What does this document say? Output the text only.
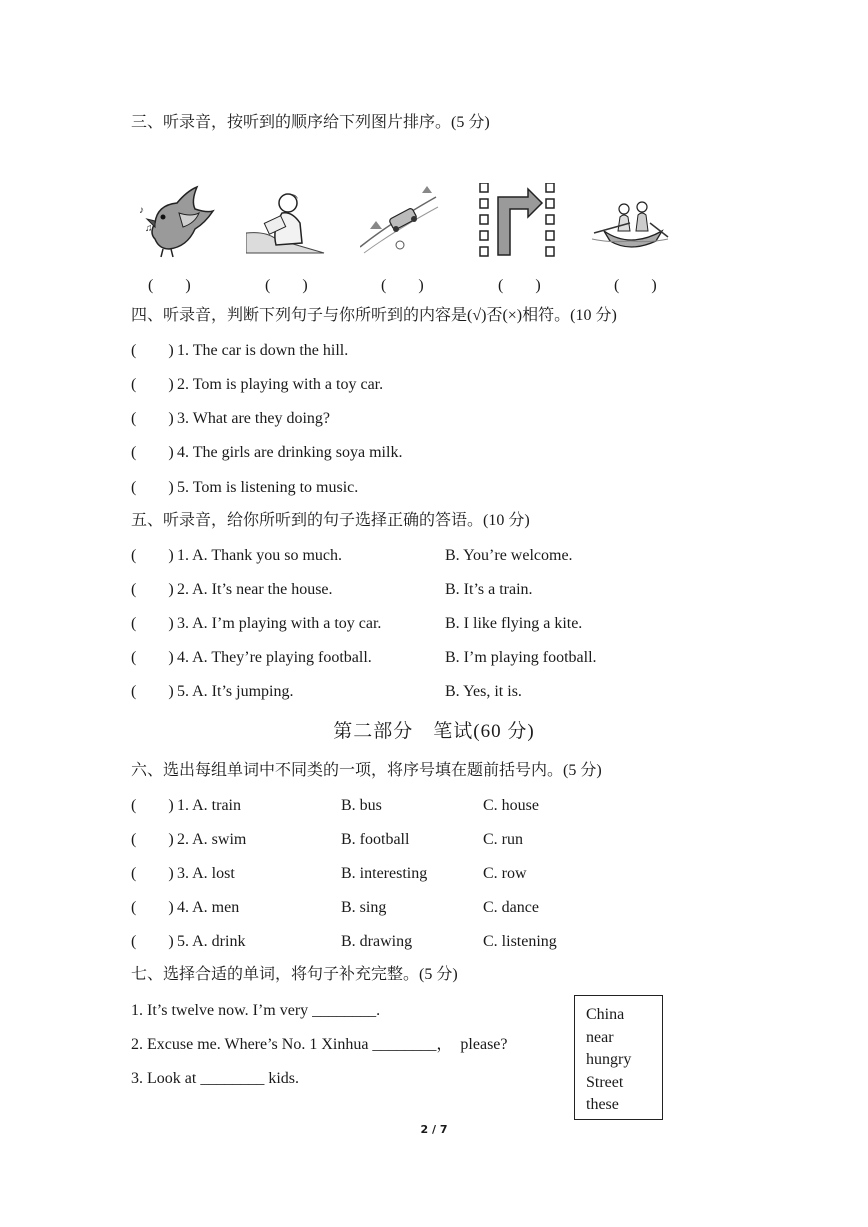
三、听录音，按听到的顺序给下列图片排序。(5 分)
♪
♫
(　　)	(　　)	(　　)	(　　)	(　　)
四、听录音，判断下列句子与你所听到的内容是(√)否(×)相符。(10 分)
(　　) 1. The car is down the hill.
(　　) 2. Tom is playing with a toy car.
(　　) 3. What are they doing?
(　　) 4. The girls are drinking soya milk.
(　　) 5. Tom is listening to music.
五、听录音，给你所听到的句子选择正确的答语。(10 分)
(　　) 1. A. Thank you so much.	B. You’re welcome.
(　　) 2. A. It’s near the house.	B. It’s a train.
(　　) 3. A. I’m playing with a toy car.	B. I like flying a kite.
(　　) 4. A. They’re playing football.	B. I’m playing football.
(　　) 5. A. It’s jumping.	B. Yes, it is.
第二部分　笔试(60 分)
六、选出每组单词中不同类的一项，将序号填在题前括号内。(5 分)
(　　) 1. A. train	B. bus	C. house
(　　) 2. A. swim	B. football	C. run
(　　) 3. A. lost	B. interesting	C. row
(　　) 4. A. men	B. sing	C. dance
(　　) 5. A. drink	B. drawing	C. listening
七、选择合适的单词，将句子补充完整。(5 分)
1. It’s twelve now. I’m very ________.
2. Excuse me. Where’s No. 1 Xinhua ________，　please?
3. Look at ________ kids.
China
near
hungry
Street
these
2 / 7
